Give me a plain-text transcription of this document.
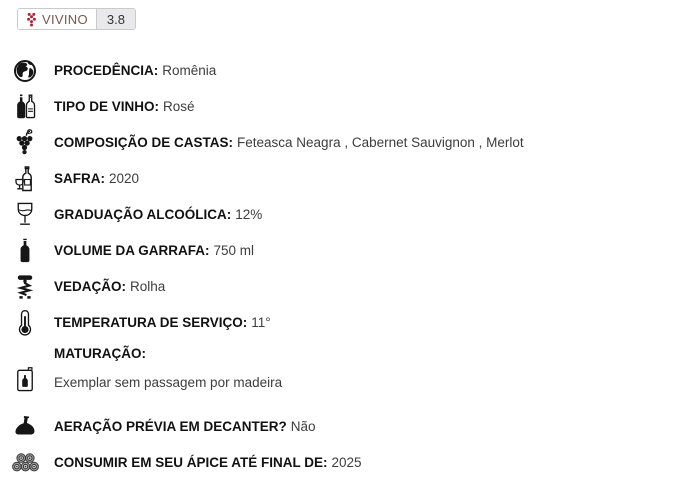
VIVINO	3.8
PROCEDÊNCIA: Romênia
TIPO DE VINHO: Rosé
COMPOSIÇÃO DE CASTAS: Feteasca Neagra , Cabernet Sauvignon , Merlot
SAFRA: 2020
GRADUAÇÃO ALCOÓLICA: 12%
VOLUME DA GARRAFA: 750 ml
VEDAÇÃO: Rolha
TEMPERATURA DE SERVIÇO: 11°
MATURAÇÃO:
Exemplar sem passagem por madeira
AERAÇÃO PRÉVIA EM DECANTER? Não
CONSUMIR EM SEU ÁPICE ATÉ FINAL DE: 2025
